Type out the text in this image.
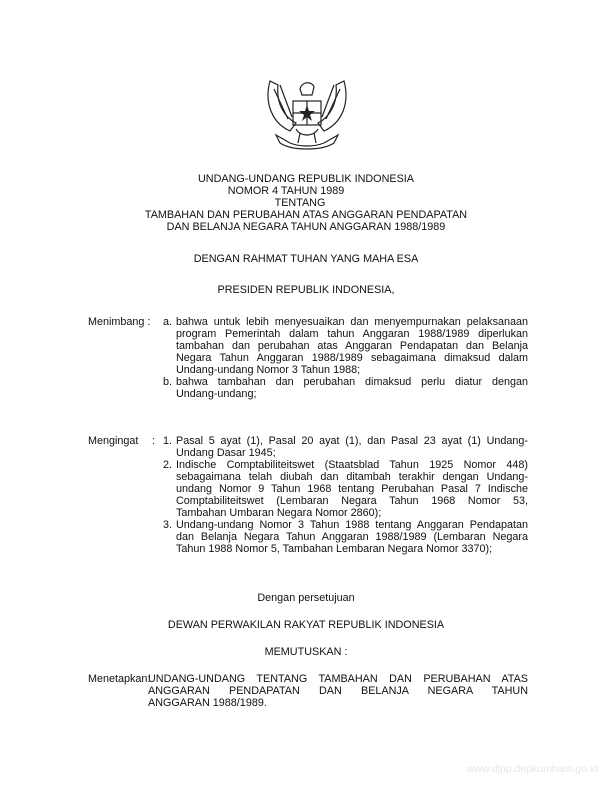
UNDANG-UNDANG REPUBLIK INDONESIA
NOMOR 4 TAHUN 1989
TENTANG
TAMBAHAN DAN PERUBAHAN ATAS ANGGARAN PENDAPATAN
DAN BELANJA NEGARA TAHUN ANGGARAN 1988/1989
DENGAN RAHMAT TUHAN YANG MAHA ESA
PRESIDEN REPUBLIK INDONESIA,
Menimbang : a. bahwa untuk lebih menyesuaikan dan menyempurnakan pelaksanaan
program Pemerintah dalam tahun Anggaran 1988/1989 diperlukan
tambahan dan perubahan atas Anggaran Pendapatan dan Belanja
Negara Tahun Anggaran 1988/1989 sebagaimana dimaksud dalam
Undang-undang Nomor 3 Tahun 1988;
b. bahwa tambahan dan perubahan dimaksud perlu diatur dengan
Undang-undang;
Mengingat : 1. Pasal 5 ayat (1), Pasal 20 ayat (1), dan Pasal 23 ayat (1) Undang-
Undang Dasar 1945;
2. Indische Comptabiliteitswet (Staatsblad Tahun 1925 Nomor 448)
sebagaimana telah diubah dan ditambah terakhir dengan Undang-
undang Nomor 9 Tahun 1968 tentang Perubahan Pasal 7 Indische
Comptabiliteitswet (Lembaran Negara Tahun 1968 Nomor 53,
Tambahan Umbaran Negara Nomor 2860);
3. Undang-undang Nomor 3 Tahun 1988 tentang Anggaran Pendapatan
dan Belanja Negara Tahun Anggaran 1988/1989 (Lembaran Negara
Tahun 1988 Nomor 5, Tambahan Lembaran Negara Nomor 3370);
Dengan persetujuan
DEWAN PERWAKILAN RAKYAT REPUBLIK INDONESIA
MEMUTUSKAN :
Menetapkan:
UNDANG-UNDANG TENTANG TAMBAHAN DAN PERUBAHAN ATAS
ANGGARAN PENDAPATAN DAN BELANJA NEGARA TAHUN
ANGGARAN 1988/1989.
www.djpp.depkumham.go.id
